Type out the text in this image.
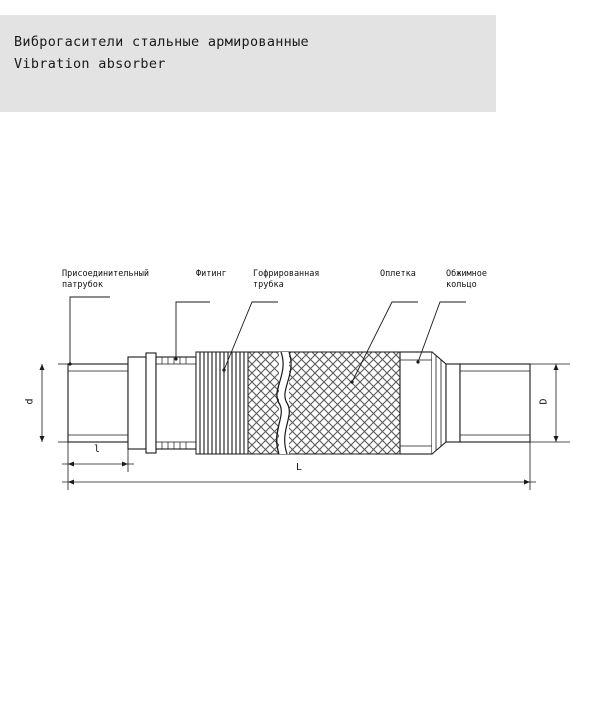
Виброгасители стальные армированные
Vibration absorber
Присоединительный
патрубок
Фитинг	Гофрированная
трубка
Оплетка	Обжимное
кольцо
d	D
l
L
